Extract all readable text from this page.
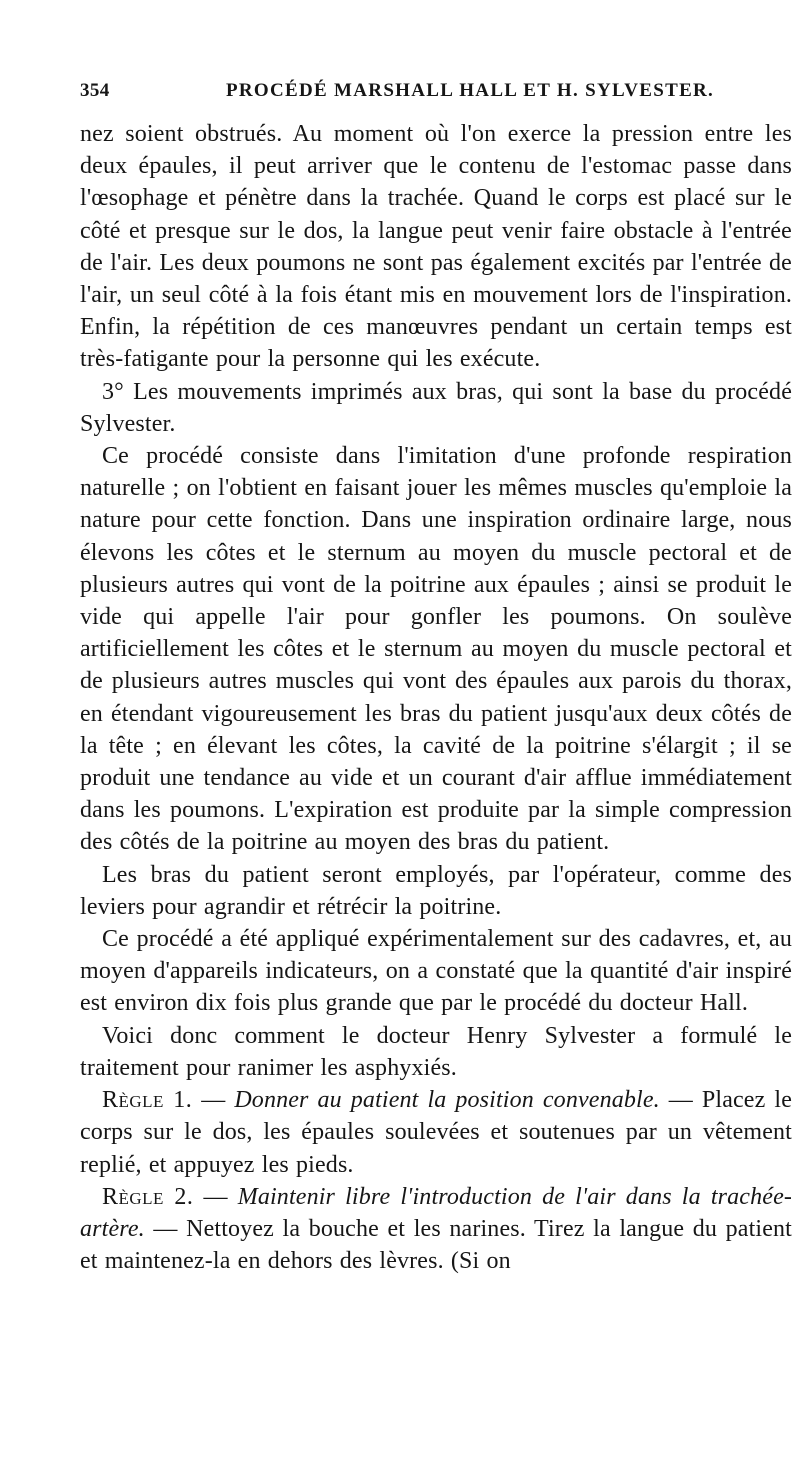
354	PROCÉDÉ MARSHALL HALL ET H. SYLVESTER.

nez soient obstrués. Au moment où l'on exerce la pression entre les deux épaules, il peut arriver que le contenu de l'estomac passe dans l'œsophage et pénètre dans la trachée. Quand le corps est placé sur le côté et presque sur le dos, la langue peut venir faire obstacle à l'entrée de l'air. Les deux poumons ne sont pas également excités par l'entrée de l'air, un seul côté à la fois étant mis en mouvement lors de l'inspiration. Enfin, la répétition de ces manœuvres pendant un certain temps est très-fatigante pour la personne qui les exécute.

3° Les mouvements imprimés aux bras, qui sont la base du procédé Sylvester.

Ce procédé consiste dans l'imitation d'une profonde respiration naturelle ; on l'obtient en faisant jouer les mêmes muscles qu'emploie la nature pour cette fonction. Dans une inspiration ordinaire large, nous élevons les côtes et le sternum au moyen du muscle pectoral et de plusieurs autres qui vont de la poitrine aux épaules ; ainsi se produit le vide qui appelle l'air pour gonfler les poumons. On soulève artificiellement les côtes et le sternum au moyen du muscle pectoral et de plusieurs autres muscles qui vont des épaules aux parois du thorax, en étendant vigoureusement les bras du patient jusqu'aux deux côtés de la tête ; en élevant les côtes, la cavité de la poitrine s'élargit ; il se produit une tendance au vide et un courant d'air afflue immédiatement dans les poumons. L'expiration est produite par la simple compression des côtés de la poitrine au moyen des bras du patient.

Les bras du patient seront employés, par l'opérateur, comme des leviers pour agrandir et rétrécir la poitrine.

Ce procédé a été appliqué expérimentalement sur des cadavres, et, au moyen d'appareils indicateurs, on a constaté que la quantité d'air inspiré est environ dix fois plus grande que par le procédé du docteur Hall.

Voici donc comment le docteur Henry Sylvester a formulé le traitement pour ranimer les asphyxiés.

Règle 1. — Donner au patient la position convenable. — Placez le corps sur le dos, les épaules soulevées et soutenues par un vêtement replié, et appuyez les pieds.

Règle 2. — Maintenir libre l'introduction de l'air dans la trachée-artère. — Nettoyez la bouche et les narines. Tirez la langue du patient et maintenez-la en dehors des lèvres. (Si on
